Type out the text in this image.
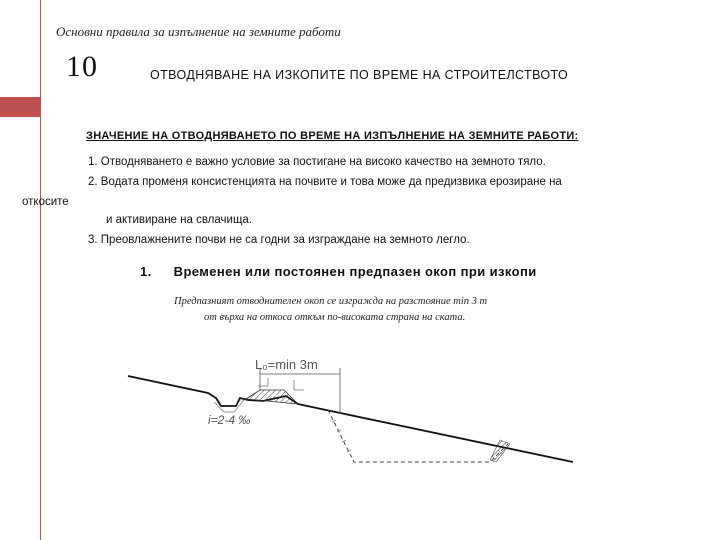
Основни правила за изпълнение на земните работи
10	ОТВОДНЯВАНЕ НА ИЗКОПИТЕ ПО ВРЕМЕ НА СТРОИТЕЛСТВОТО
ЗНАЧЕНИЕ НА ОТВОДНЯВАНЕТО ПО ВРЕМЕ НА ИЗПЪЛНЕНИЕ НА ЗЕМНИТЕ РАБОТИ:
1. Отводняването е важно условие за постигане на високо качество на земното тяло.
2. Водата променя консистенцията на почвите и това може да предизвика ерозиране на
откосите
и активиране на свлачища.
3. Преовлажнените почви не са годни за изграждане на земното легло.
1. Временен или постоянен предпазен окоп при изкопи
Предпазният отводнителен окоп се изгражда на разстояние min 3 m
от върха на откоса откъм по-високата страна на ската.
L₀=min 3m
i=2-4 ‰
